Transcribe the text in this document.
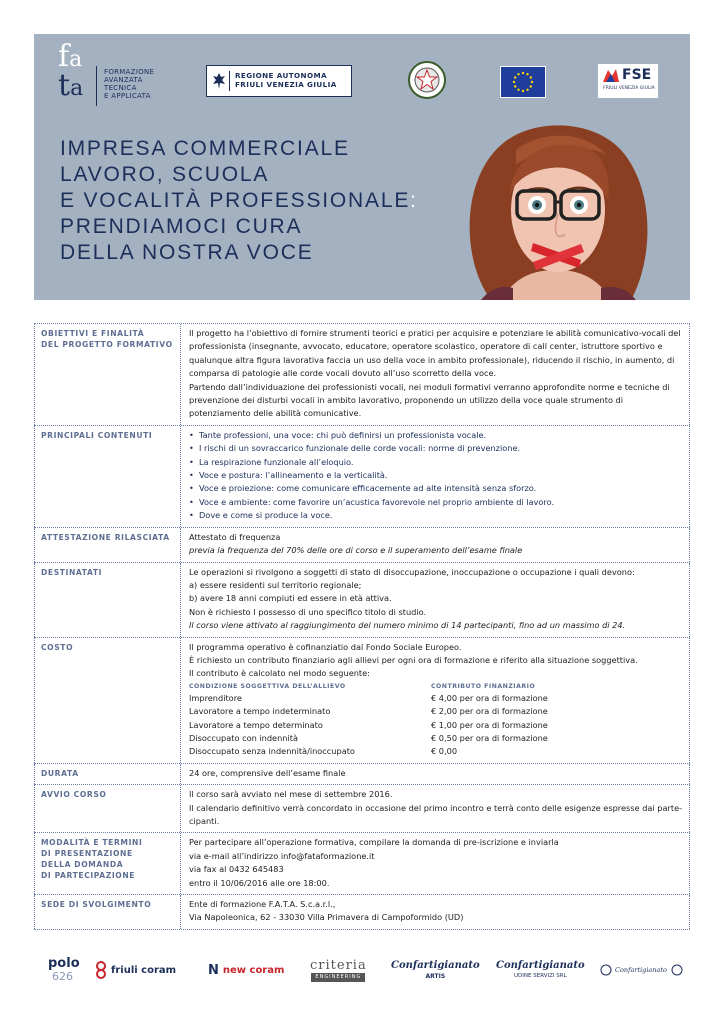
fa
ta
FORMAZIONE
AVANZATA
TECNICA
E APPLICATA
REGIONE AUTONOMA
FRIULI VENEZIA GIULIA
FSE
FRIULI VENEZIA GIULIA
IMPRESA COMMERCIALE
LAVORO, SCUOLA
E VOCALITÀ PROFESSIONALE:
PRENDIAMOCI CURA
DELLA NOSTRA VOCE
OBIETTIVI E FINALITÀ
DEL PROGETTO FORMATIVO

Il progetto ha l’obiettivo di fornire strumenti teorici e pratici per acquisire e potenziare le abilità comunicativo-vocali del professionista (insegnante, avvocato, educatore, operatore scolastico, operatore di call center, istruttore sportivo e qualunque altra figura lavorativa faccia un uso della voce in ambito professionale), riducendo il rischio, in aumento, di comparsa di patologie alle corde vocali dovuto all’uso scorretto della voce.

Partendo dall’individuazione dei professionisti vocali, nei moduli formativi verranno approfondite norme e tecniche di prevenzione dei disturbi vocali in ambito lavorativo, proponendo un utilizzo della voce quale strumento di potenziamento delle abilità comunicative.

PRINCIPALI CONTENUTI
•	Tante professioni, una voce: chi può definirsi un professionista vocale.
• I rischi di un sovraccarico funzionale delle corde vocali: norme di prevenzione.
• La respirazione funzionale all’eloquio.
• Voce e postura: l’allineamento e la verticalità.
• Voce e proiezione: come comunicare efficacemente ad alte intensità senza sforzo.
• Voce e ambiente: come favorire un’acustica favorevole nel proprio ambiente di lavoro.
• Dove e come si produce la voce.
ATTESTAZIONE RILASCIATA	Attestato di frequenza

previa la frequenza del 70% delle ore di corso e il superamento dell’esame finale

DESTINATATI	Le operazioni si rivolgono a soggetti di stato di disoccupazione, inoccupazione o occupazione i quali devono:

a) essere residenti sul territorio regionale;

b) avere 18 anni compiuti ed essere in età attiva.

Non è richiesto I possesso di uno specifico titolo di studio.

Il corso viene attivato al raggiungimento del numero minimo di 14 partecipanti, fino ad un massimo di 24.

COSTO	Il programma operativo è cofinanziatio dal Fondo Sociale Europeo.

È richiesto un contributo finanziario agli allievi per ogni ora di formazione e riferito alla situazione soggettiva.

Il contributo è calcolato nel modo seguente:

CONDIZIONE SOGGETTIVA DELL’ALLIEVO	CONTRIBUTO FINANZIARIO
Imprenditore	€ 4,00 per ora di formazione
Lavoratore a tempo indeterminato	€ 2,00 per ora di formazione
Lavoratore a tempo determinato	€ 1,00 per ora di formazione
Disoccupato con indennità	€ 0,50 per ora di formazione
Disoccupato senza indennità/inoccupato	€ 0,00
DURATA	24 ore, comprensive dell’esame finale

AVVIO CORSO	Il corso sarà avviato nel mese di settembre 2016.

Il calendario definitivo verrà concordato in occasione del primo incontro e terrà conto delle esigenze espresse dai parte-

cipanti.

MODALITÀ E TERMINI
DI PRESENTAZIONE
DELLA DOMANDA
DI PARTECIPAZIONE

Per partecipare all’operazione formativa, compilare la domanda di pre-iscrizione e inviarla

via e-mail all’indirizzo info@fataformazione.it

via fax al 0432 645483

entro il 10/06/2016 alle ore 18:00.

SEDE DI SVOLGIMENTO	Ente di formazione F.A.T.A. S.c.a.r.l.,

Via Napoleonica, 62 - 33030 Villa Primavera di Campoformido (UD)

polo
626	friuli coram N new coram criteria
ENGINEERING
Confartigianato
ARTIS
Confartigianato
UDINE SERVIZI SRL
Confartigianato
